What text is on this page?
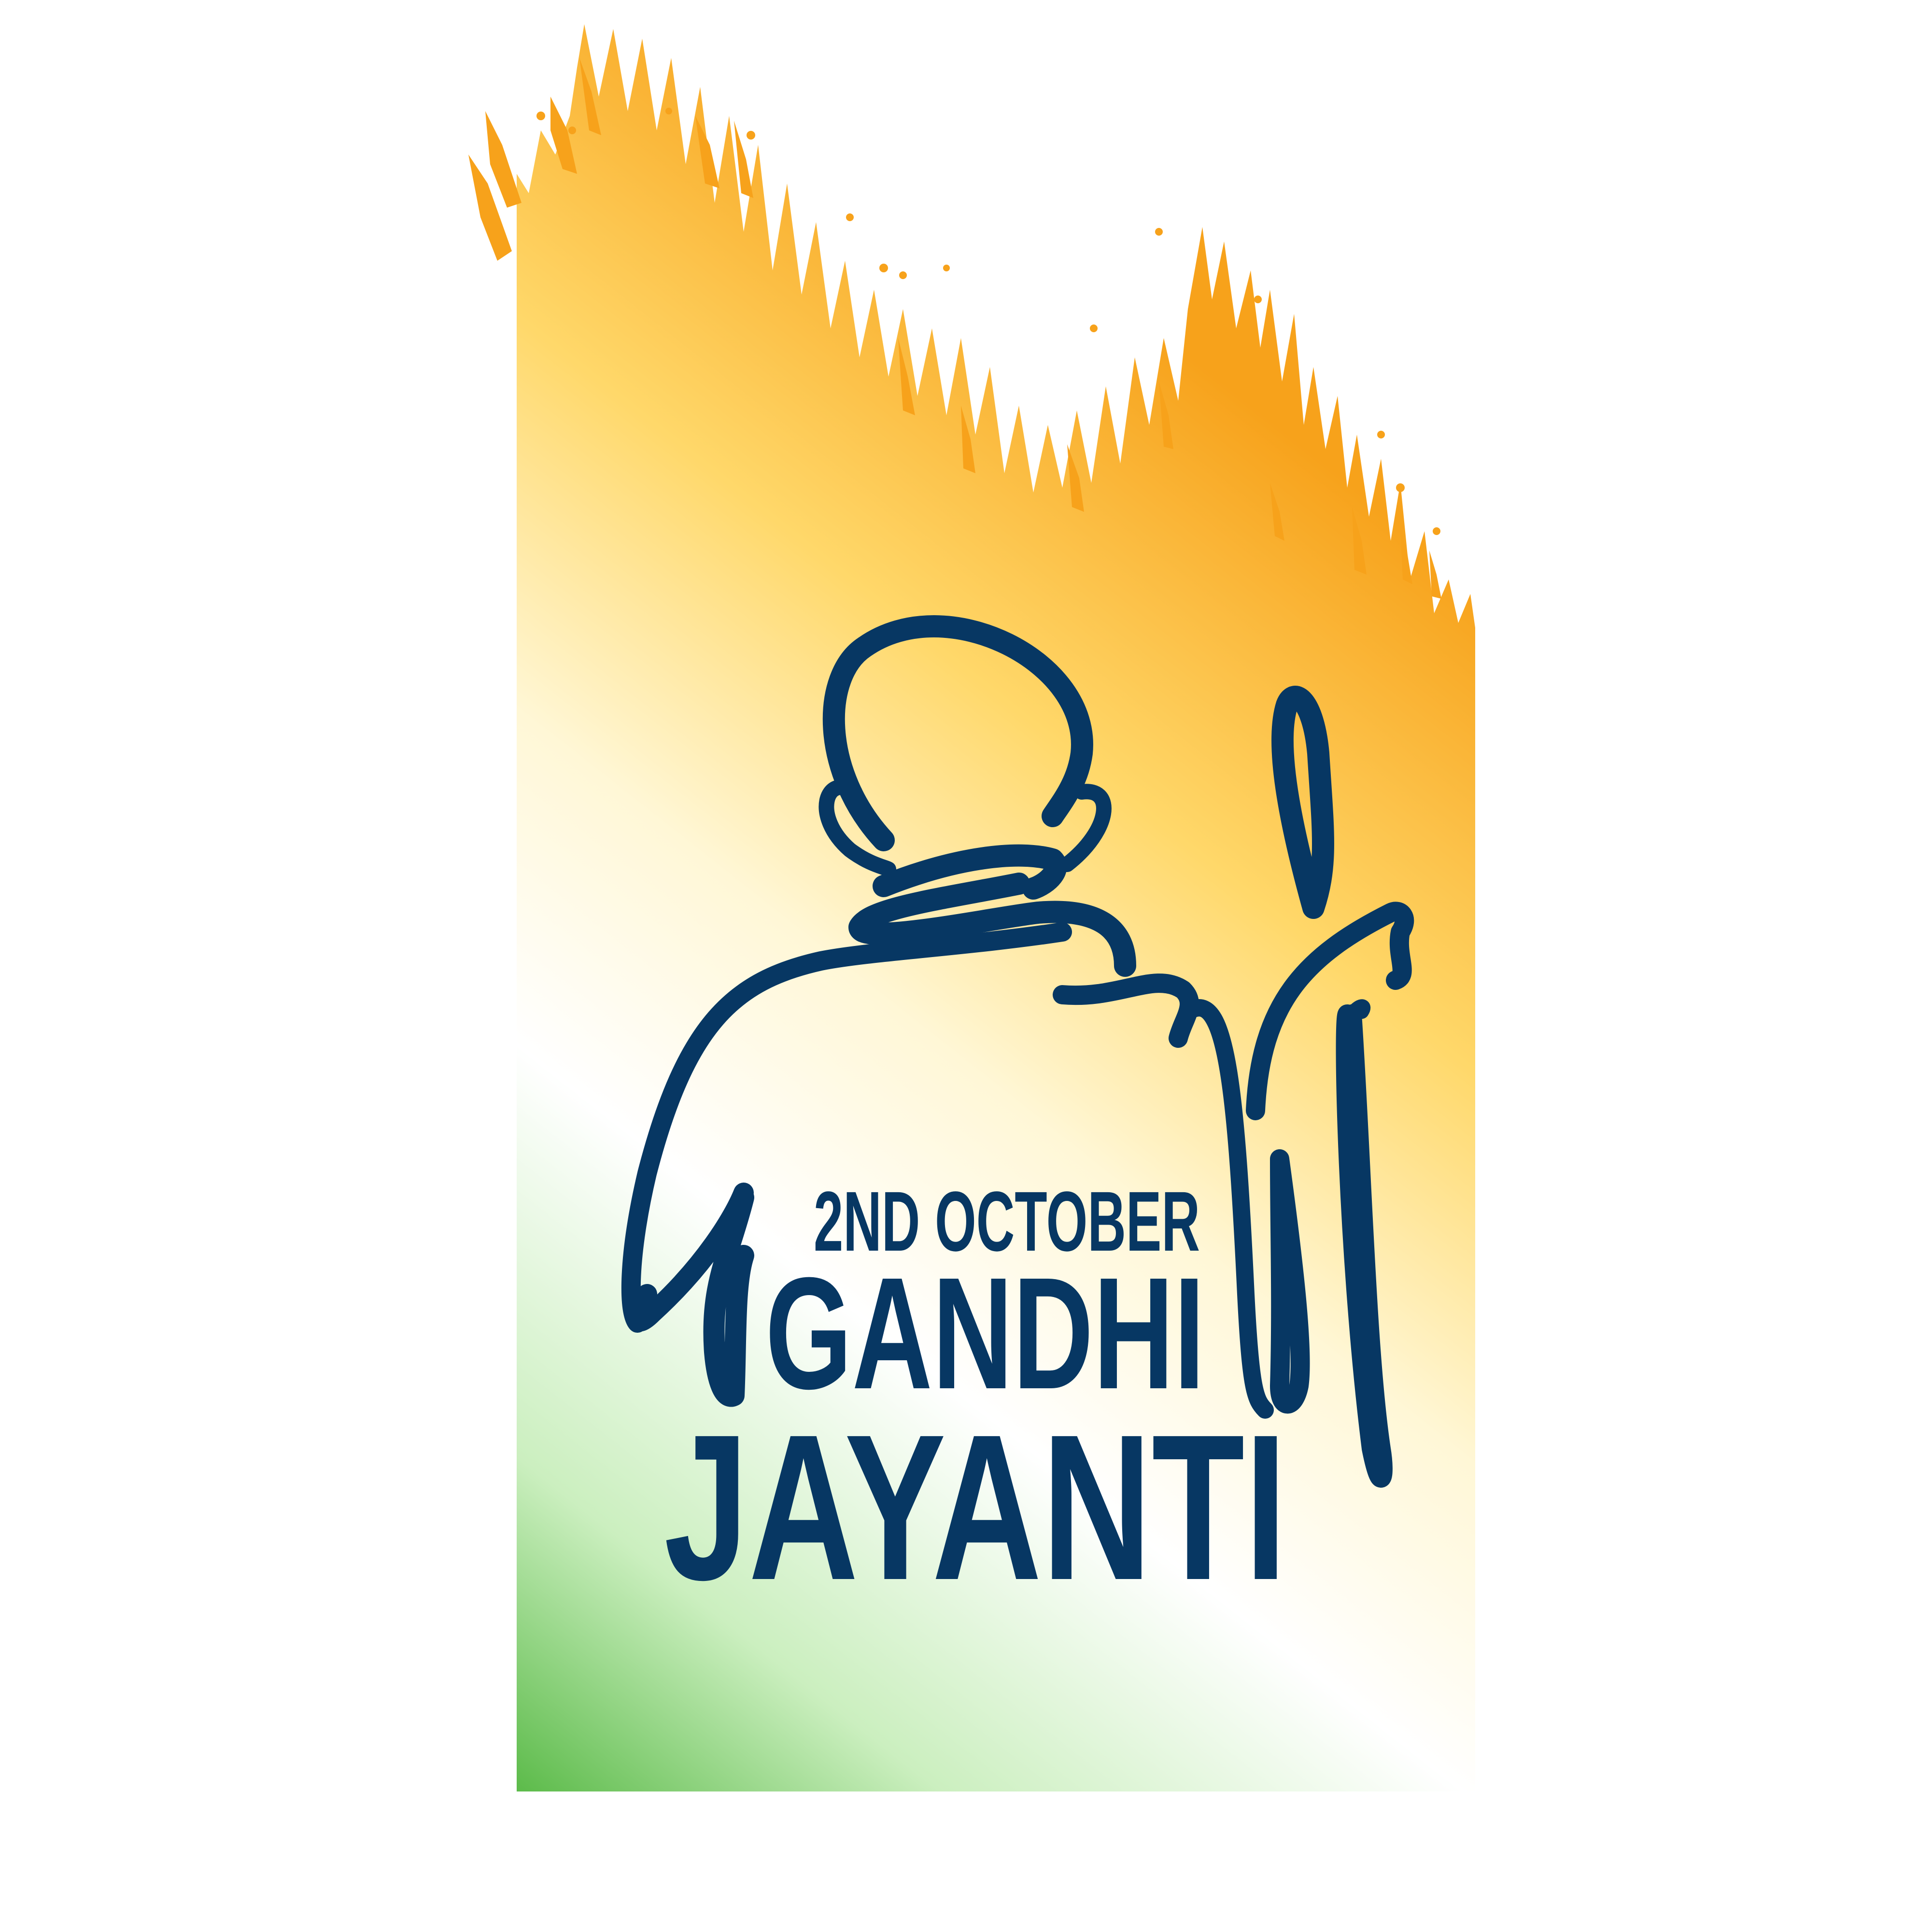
2ND OCTOBER
GANDHI
JAYANTI
